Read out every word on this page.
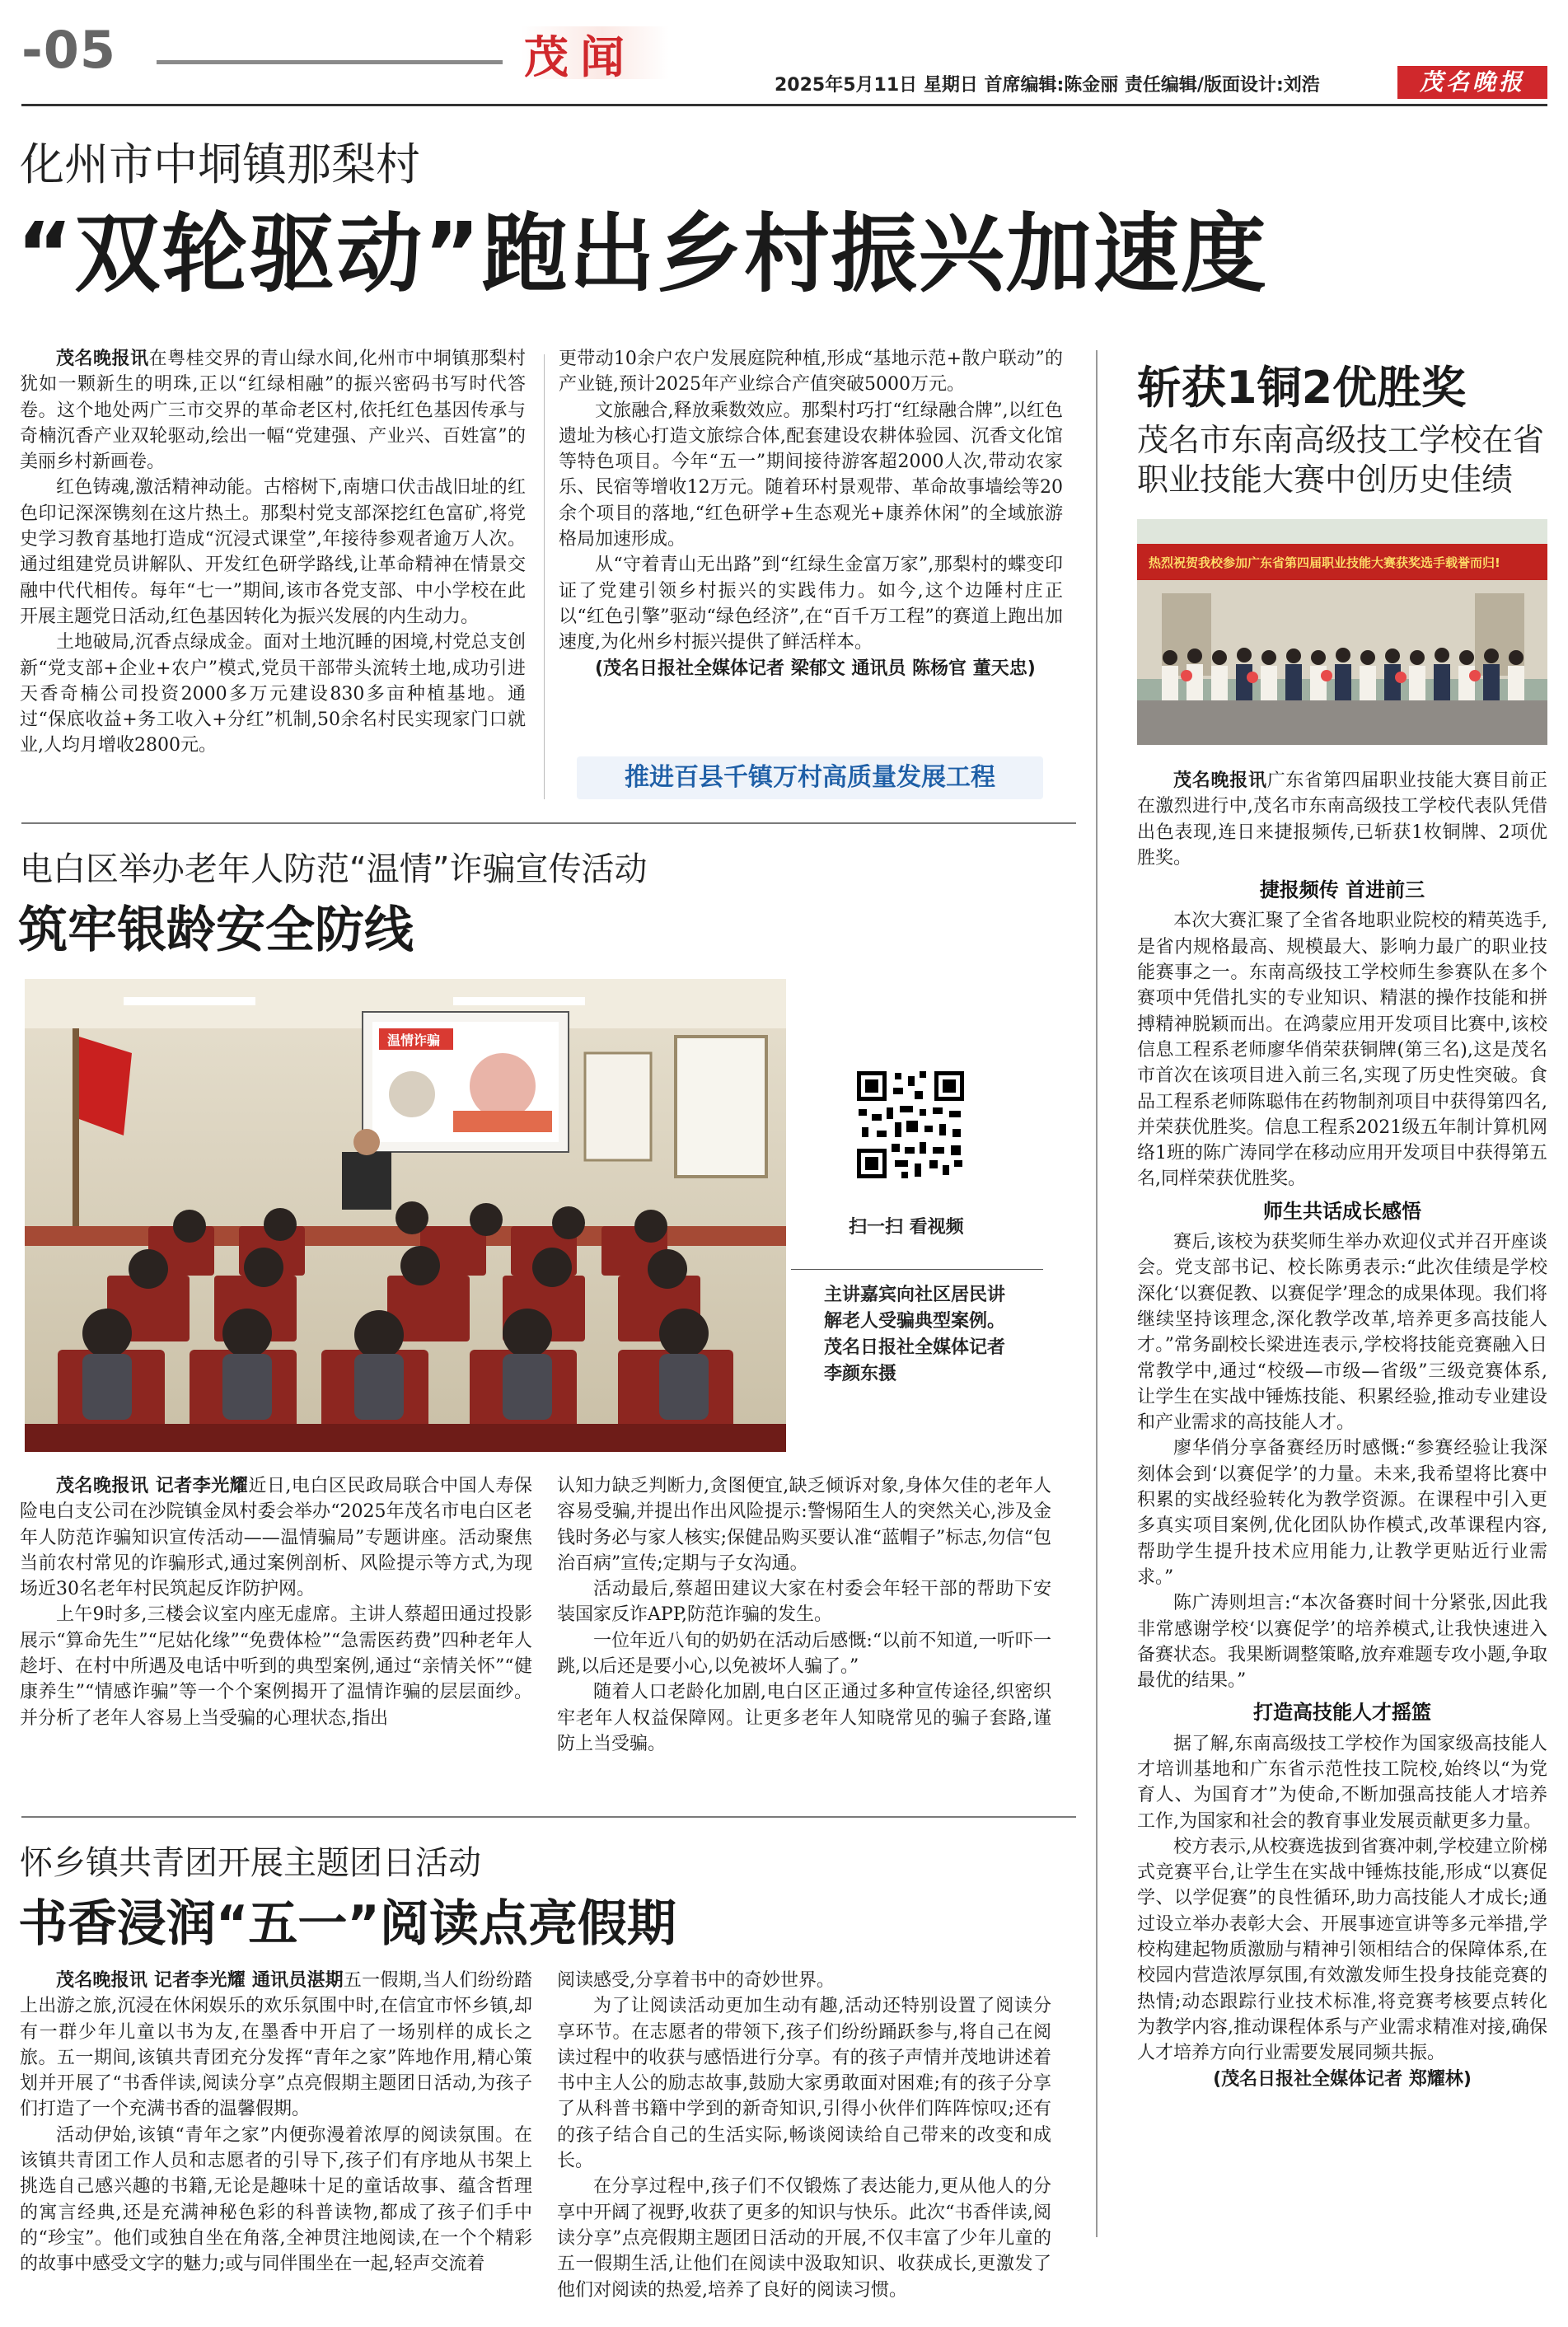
-05	茂闻
2025年5月11日 星期日 首席编辑:陈金丽 责任编辑/版面设计:刘浩	茂名晚报
化州市中垌镇那梨村
“双轮驱动”跑出乡村振兴加速度

茂名晚报讯在粤桂交界的青山绿水间,化州市中垌镇那梨村犹如一颗新生的明珠,正以“红绿相融”的振兴密码书写时代答卷。这个地处两广三市交界的革命老区村,依托红色基因传承与奇楠沉香产业双轮驱动,绘出一幅“党建强、产业兴、百姓富”的美丽乡村新画卷。

红色铸魂,激活精神动能。古榕树下,南塘口伏击战旧址的红色印记深深镌刻在这片热土。那梨村党支部深挖红色富矿,将党史学习教育基地打造成“沉浸式课堂”,年接待参观者逾万人次。通过组建党员讲解队、开发红色研学路线,让革命精神在情景交融中代代相传。每年“七一”期间,该市各党支部、中小学校在此开展主题党日活动,红色基因转化为振兴发展的内生动力。

土地破局,沉香点绿成金。面对土地沉睡的困境,村党总支创新“党支部+企业+农户”模式,党员干部带头流转土地,成功引进天香奇楠公司投资2000多万元建设830多亩种植基地。通过“保底收益+务工收入+分红”机制,50余名村民实现家门口就业,人均月增收2800元。

更带动10余户农户发展庭院种植,形成“基地示范+散户联动”的产业链,预计2025年产业综合产值突破5000万元。

文旅融合,释放乘数效应。那梨村巧打“红绿融合牌”,以红色遗址为核心打造文旅综合体,配套建设农耕体验园、沉香文化馆等特色项目。今年“五一”期间接待游客超2000人次,带动农家乐、民宿等增收12万元。随着环村景观带、革命故事墙绘等20余个项目的落地,“红色研学+生态观光+康养休闲”的全域旅游格局加速形成。

从“守着青山无出路”到“红绿生金富万家”,那梨村的蝶变印证了党建引领乡村振兴的实践伟力。如今,这个边陲村庄正以“红色引擎”驱动“绿色经济”,在“百千万工程”的赛道上跑出加速度,为化州乡村振兴提供了鲜活样本。

(茂名日报社全媒体记者 梁郁文 通讯员 陈杨官 董天忠)

推进百县千镇万村高质量发展工程
电白区举办老年人防范“温情”诈骗宣传活动
筑牢银龄安全防线
温情诈骗
扫一扫 看视频
主讲嘉宾向社区居民讲解老人受骗典型案例。茂名日报社全媒体记者李颜东摄

茂名晚报讯 记者李光耀近日,电白区民政局联合中国人寿保险电白支公司在沙院镇金凤村委会举办“2025年茂名市电白区老年人防范诈骗知识宣传活动——温情骗局”专题讲座。活动聚焦当前农村常见的诈骗形式,通过案例剖析、风险提示等方式,为现场近30名老年村民筑起反诈防护网。

上午9时多,三楼会议室内座无虚席。主讲人蔡超田通过投影展示“算命先生”“尼姑化缘”“免费体检”“急需医药费”四种老年人趁圩、在村中所遇及电话中听到的典型案例,通过“亲情关怀”“健康养生”“情感诈骗”等一个个案例揭开了温情诈骗的层层面纱。并分析了老年人容易上当受骗的心理状态,指出

认知力缺乏判断力,贪图便宜,缺乏倾诉对象,身体欠佳的老年人容易受骗,并提出作出风险提示:警惕陌生人的突然关心,涉及金钱时务必与家人核实;保健品购买要认准“蓝帽子”标志,勿信“包治百病”宣传;定期与子女沟通。

活动最后,蔡超田建议大家在村委会年轻干部的帮助下安装国家反诈APP,防范诈骗的发生。

一位年近八旬的奶奶在活动后感慨:“以前不知道,一听吓一跳,以后还是要小心,以免被坏人骗了。”

随着人口老龄化加剧,电白区正通过多种宣传途径,织密织牢老年人权益保障网。让更多老年人知晓常见的骗子套路,谨防上当受骗。

怀乡镇共青团开展主题团日活动
书香浸润“五一”阅读点亮假期

茂名晚报讯 记者李光耀 通讯员湛期五一假期,当人们纷纷踏上出游之旅,沉浸在休闲娱乐的欢乐氛围中时,在信宜市怀乡镇,却有一群少年儿童以书为友,在墨香中开启了一场别样的成长之旅。五一期间,该镇共青团充分发挥“青年之家”阵地作用,精心策划并开展了“书香伴读,阅读分享”点亮假期主题团日活动,为孩子们打造了一个充满书香的温馨假期。

活动伊始,该镇“青年之家”内便弥漫着浓厚的阅读氛围。在该镇共青团工作人员和志愿者的引导下,孩子们有序地从书架上挑选自己感兴趣的书籍,无论是趣味十足的童话故事、蕴含哲理的寓言经典,还是充满神秘色彩的科普读物,都成了孩子们手中的“珍宝”。他们或独自坐在角落,全神贯注地阅读,在一个个精彩的故事中感受文字的魅力;或与同伴围坐在一起,轻声交流着

阅读感受,分享着书中的奇妙世界。

为了让阅读活动更加生动有趣,活动还特别设置了阅读分享环节。在志愿者的带领下,孩子们纷纷踊跃参与,将自己在阅读过程中的收获与感悟进行分享。有的孩子声情并茂地讲述着书中主人公的励志故事,鼓励大家勇敢面对困难;有的孩子分享了从科普书籍中学到的新奇知识,引得小伙伴们阵阵惊叹;还有的孩子结合自己的生活实际,畅谈阅读给自己带来的改变和成长。

在分享过程中,孩子们不仅锻炼了表达能力,更从他人的分享中开阔了视野,收获了更多的知识与快乐。此次“书香伴读,阅读分享”点亮假期主题团日活动的开展,不仅丰富了少年儿童的五一假期生活,让他们在阅读中汲取知识、收获成长,更激发了他们对阅读的热爱,培养了良好的阅读习惯。

斩获1铜2优胜奖
茂名市东南高级技工学校在省
职业技能大赛中创历史佳绩
热烈祝贺我校参加广东省第四届职业技能大赛获奖选手载誉而归!

茂名晚报讯广东省第四届职业技能大赛目前正在激烈进行中,茂名市东南高级技工学校代表队凭借出色表现,连日来捷报频传,已斩获1枚铜牌、2项优胜奖。

捷报频传 首进前三

本次大赛汇聚了全省各地职业院校的精英选手,是省内规格最高、规模最大、影响力最广的职业技能赛事之一。东南高级技工学校师生参赛队在多个赛项中凭借扎实的专业知识、精湛的操作技能和拼搏精神脱颖而出。在鸿蒙应用开发项目比赛中,该校信息工程系老师廖华俏荣获铜牌(第三名),这是茂名市首次在该项目进入前三名,实现了历史性突破。食品工程系老师陈聪伟在药物制剂项目中获得第四名,并荣获优胜奖。信息工程系2021级五年制计算机网络1班的陈广涛同学在移动应用开发项目中获得第五名,同样荣获优胜奖。

师生共话成长感悟

赛后,该校为获奖师生举办欢迎仪式并召开座谈会。党支部书记、校长陈勇表示:“此次佳绩是学校深化‘以赛促教、以赛促学’理念的成果体现。我们将继续坚持该理念,深化教学改革,培养更多高技能人才。”常务副校长梁进连表示,学校将技能竞赛融入日常教学中,通过“校级—市级—省级”三级竞赛体系,让学生在实战中锤炼技能、积累经验,推动专业建设和产业需求的高技能人才。

廖华俏分享备赛经历时感慨:“参赛经验让我深刻体会到‘以赛促学’的力量。未来,我希望将比赛中积累的实战经验转化为教学资源。在课程中引入更多真实项目案例,优化团队协作模式,改革课程内容,帮助学生提升技术应用能力,让教学更贴近行业需求。”

陈广涛则坦言:“本次备赛时间十分紧张,因此我非常感谢学校‘以赛促学’的培养模式,让我快速进入备赛状态。我果断调整策略,放弃难题专攻小题,争取最优的结果。”

打造高技能人才摇篮

据了解,东南高级技工学校作为国家级高技能人才培训基地和广东省示范性技工院校,始终以“为党育人、为国育才”为使命,不断加强高技能人才培养工作,为国家和社会的教育事业发展贡献更多力量。

校方表示,从校赛选拔到省赛冲刺,学校建立阶梯式竞赛平台,让学生在实战中锤炼技能,形成“以赛促学、以学促赛”的良性循环,助力高技能人才成长;通过设立举办表彰大会、开展事迹宣讲等多元举措,学校构建起物质激励与精神引领相结合的保障体系,在校园内营造浓厚氛围,有效激发师生投身技能竞赛的热情;动态跟踪行业技术标准,将竞赛考核要点转化为教学内容,推动课程体系与产业需求精准对接,确保人才培养方向行业需要发展同频共振。

(茂名日报社全媒体记者 郑耀林)
